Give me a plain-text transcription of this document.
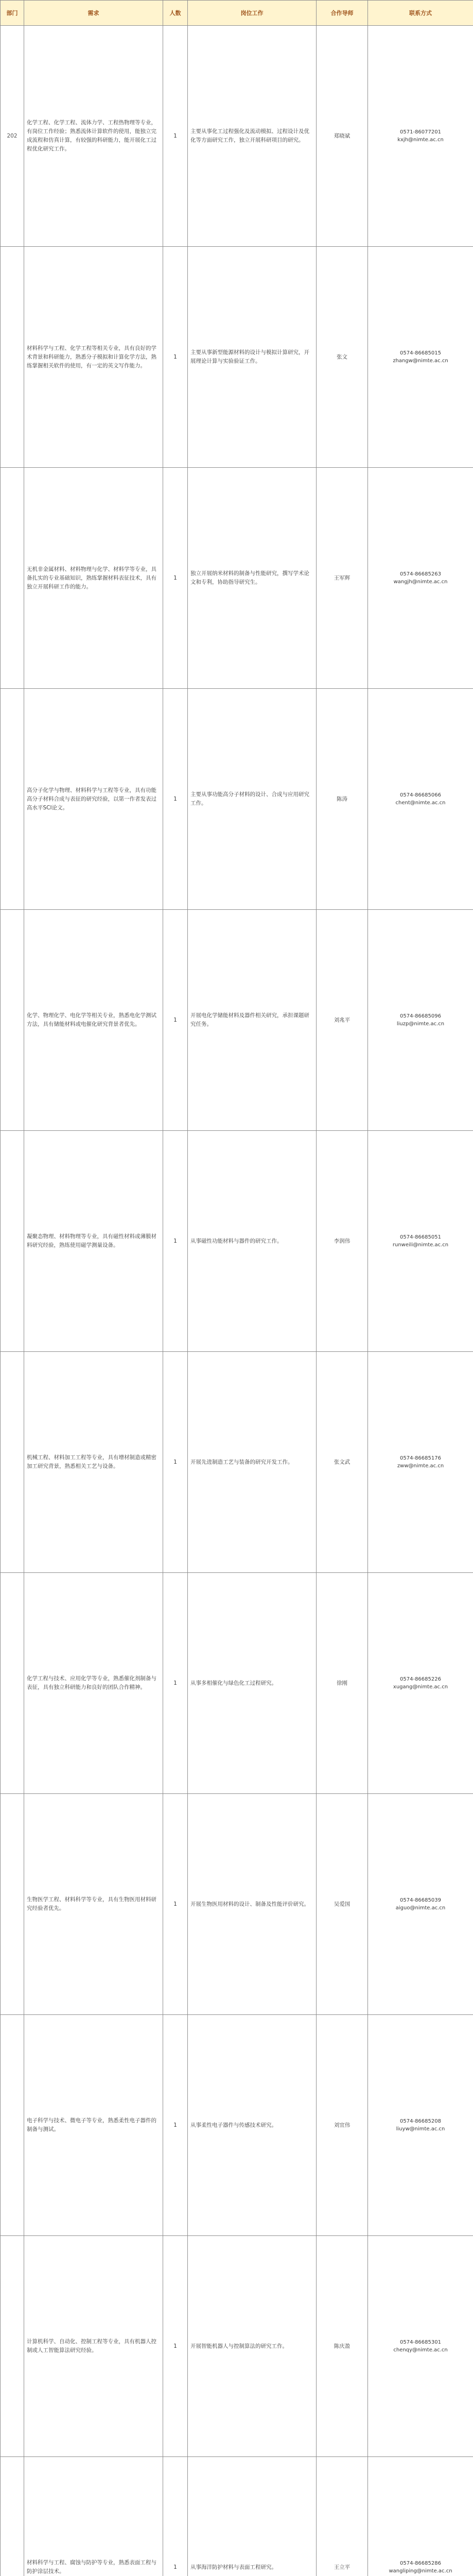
部门	需求	人数	岗位工作	合作导师	联系方式
202	化学工程、化学工程、流体力学、工程热物理等专业，有岗位工作经验；熟悉流体计算软件的使用，能独立完成流程和仿真计算，有较强的科研能力，能开展化工过程优化研究工作。	1	主要从事化工过程强化及流动模拟、过程设计及优化等方面研究工作，独立开展科研项目的研究。	郑晓斌	0571-86077201
kxjh@nimte.ac.cn

	材料科学与工程、化学工程等相关专业，具有良好的学术背景和科研能力，熟悉分子模拟和计算化学方法，熟练掌握相关软件的使用，有一定的英文写作能力。	1	主要从事新型能源材料的设计与模拟计算研究，开展理论计算与实验验证工作。	张文	0574-86685015
zhangw@nimte.ac.cn

	无机非金属材料、材料物理与化学、材料学等专业，具备扎实的专业基础知识，熟练掌握材料表征技术，具有独立开展科研工作的能力。	1	独立开展纳米材料的制备与性能研究，撰写学术论文和专利，协助指导研究生。	王军辉	0574-86685263
wangjh@nimte.ac.cn

	高分子化学与物理、材料科学与工程等专业，具有功能高分子材料合成与表征的研究经验，以第一作者发表过高水平SCI论文。	1	主要从事功能高分子材料的设计、合成与应用研究工作。	陈涛	0574-86685066
chent@nimte.ac.cn

	化学、物理化学、电化学等相关专业，熟悉电化学测试方法，具有储能材料或电催化研究背景者优先。	1	开展电化学储能材料及器件相关研究，承担课题研究任务。	刘兆平	0574-86685096
liuzp@nimte.ac.cn

	凝聚态物理、材料物理等专业，具有磁性材料或薄膜材料研究经验，熟练使用磁学测量设备。	1	从事磁性功能材料与器件的研究工作。	李润伟	0574-86685051
runweili@nimte.ac.cn

	机械工程、材料加工工程等专业，具有增材制造或精密加工研究背景，熟悉相关工艺与设备。	1	开展先进制造工艺与装备的研究开发工作。	张文武	0574-86685176
zww@nimte.ac.cn

	化学工程与技术、应用化学等专业，熟悉催化剂制备与表征，具有独立科研能力和良好的团队合作精神。	1	从事多相催化与绿色化工过程研究。	徐刚	0574-86685226
xugang@nimte.ac.cn

	生物医学工程、材料科学等专业，具有生物医用材料研究经验者优先。	1	开展生物医用材料的设计、制备及性能评价研究。	吴爱国	0574-86685039
aiguo@nimte.ac.cn

	电子科学与技术、微电子等专业，熟悉柔性电子器件的制备与测试。	1	从事柔性电子器件与传感技术研究。	刘宜伟	0574-86685208
liuyw@nimte.ac.cn

	计算机科学、自动化、控制工程等专业，具有机器人控制或人工智能算法研究经验。	1	开展智能机器人与控制算法的研究工作。	陈庆盈	0574-86685301
chenqy@nimte.ac.cn

	材料科学与工程、腐蚀与防护等专业，熟悉表面工程与防护涂层技术。	1	从事海洋防护材料与表面工程研究。	王立平	0574-86685286
wangliping@nimte.ac.cn
